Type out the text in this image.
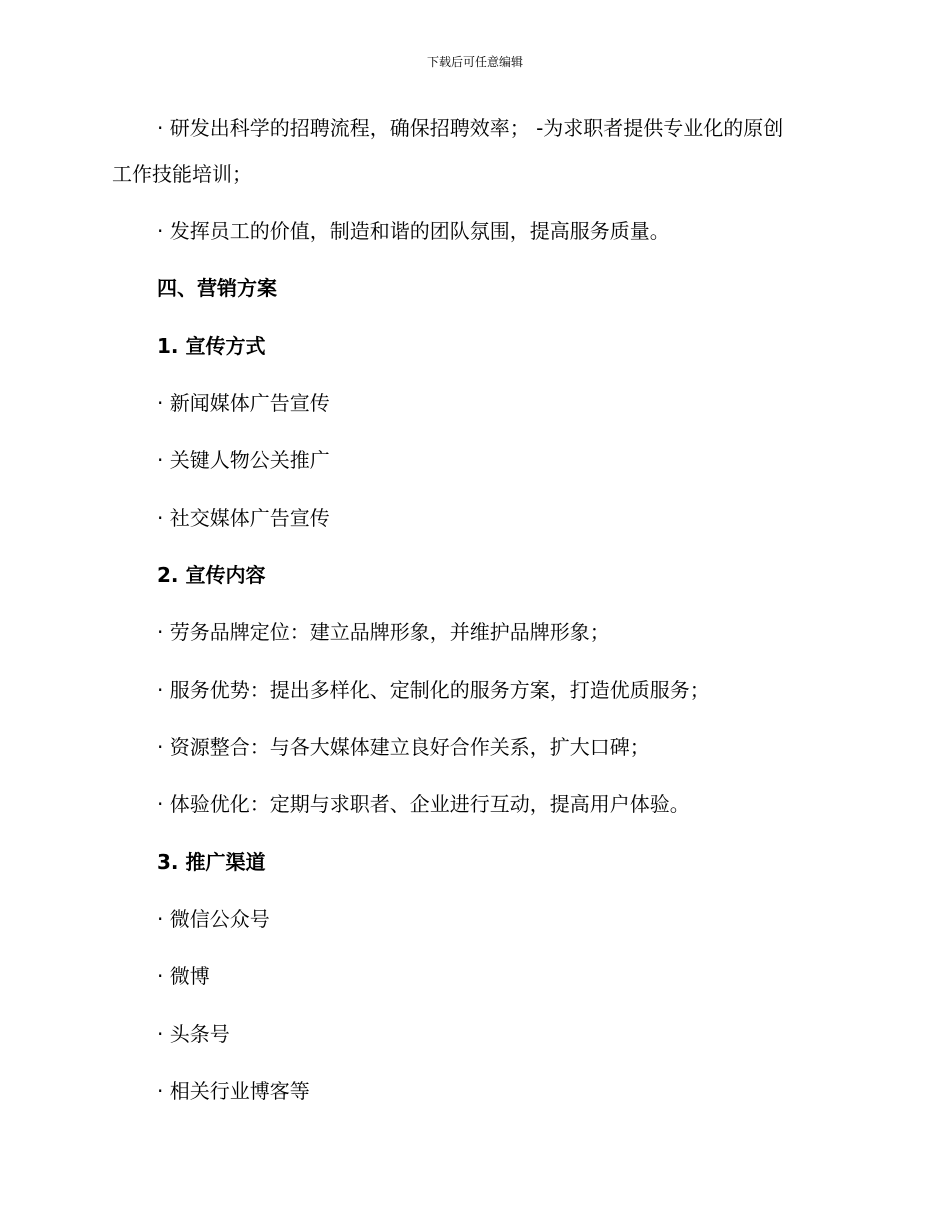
下载后可任意编辑
· 研发出科学的招聘流程，确保招聘效率； -为求职者提供专业化的原创
工作技能培训；
· 发挥员工的价值，制造和谐的团队氛围，提高服务质量。
四、营销方案
1. 宣传方式
· 新闻媒体广告宣传
· 关键人物公关推广
· 社交媒体广告宣传
2. 宣传内容
· 劳务品牌定位：建立品牌形象，并维护品牌形象；
· 服务优势：提出多样化、定制化的服务方案，打造优质服务；
· 资源整合：与各大媒体建立良好合作关系，扩大口碑；
· 体验优化：定期与求职者、企业进行互动，提高用户体验。
3. 推广渠道
· 微信公众号
· 微博
· 头条号
· 相关行业博客等
